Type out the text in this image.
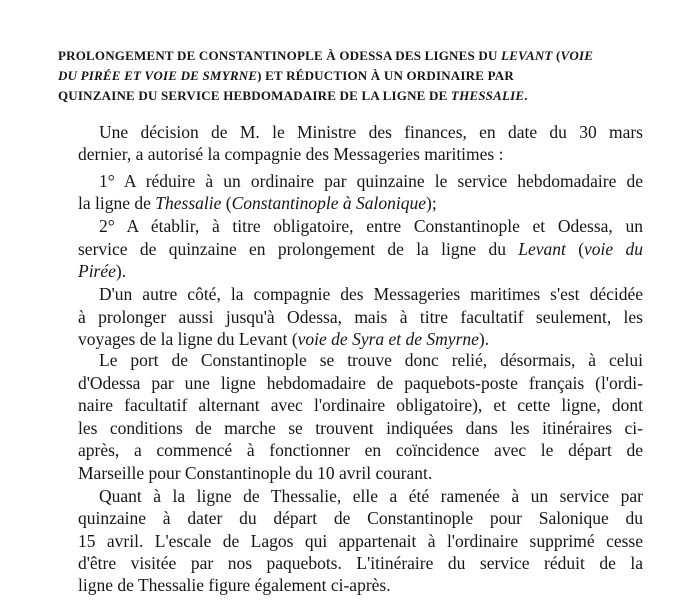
PROLONGEMENT DE CONSTANTINOPLE À ODESSA DES LIGNES DU LEVANT (VOIE
DU PIRÉE ET VOIE DE SMYRNE) ET RÉDUCTION À UN ORDINAIRE PAR
QUINZAINE DU SERVICE HEBDOMADAIRE DE LA LIGNE DE THESSALIE.
Une décision de M. le Ministre des finances, en date du 30 mars
dernier, a autorisé la compagnie des Messageries maritimes :
1° A réduire à un ordinaire par quinzaine le service hebdomadaire de
la ligne de Thessalie (Constantinople à Salonique);
2° A établir, à titre obligatoire, entre Constantinople et Odessa, un
service de quinzaine en prolongement de la ligne du Levant (voie du
Pirée).
D'un autre côté, la compagnie des Messageries maritimes s'est décidée
à prolonger aussi jusqu'à Odessa, mais à titre facultatif seulement, les
voyages de la ligne du Levant (voie de Syra et de Smyrne).
Le port de Constantinople se trouve donc relié, désormais, à celui
d'Odessa par une ligne hebdomadaire de paquebots-poste français (l'ordi-
naire facultatif alternant avec l'ordinaire obligatoire), et cette ligne, dont
les conditions de marche se trouvent indiquées dans les itinéraires ci-
après, a commencé à fonctionner en coïncidence avec le départ de
Marseille pour Constantinople du 10 avril courant.
Quant à la ligne de Thessalie, elle a été ramenée à un service par
quinzaine à dater du départ de Constantinople pour Salonique du
15 avril. L'escale de Lagos qui appartenait à l'ordinaire supprimé cesse
d'être visitée par nos paquebots. L'itinéraire du service réduit de la
ligne de Thessalie figure également ci-après.
